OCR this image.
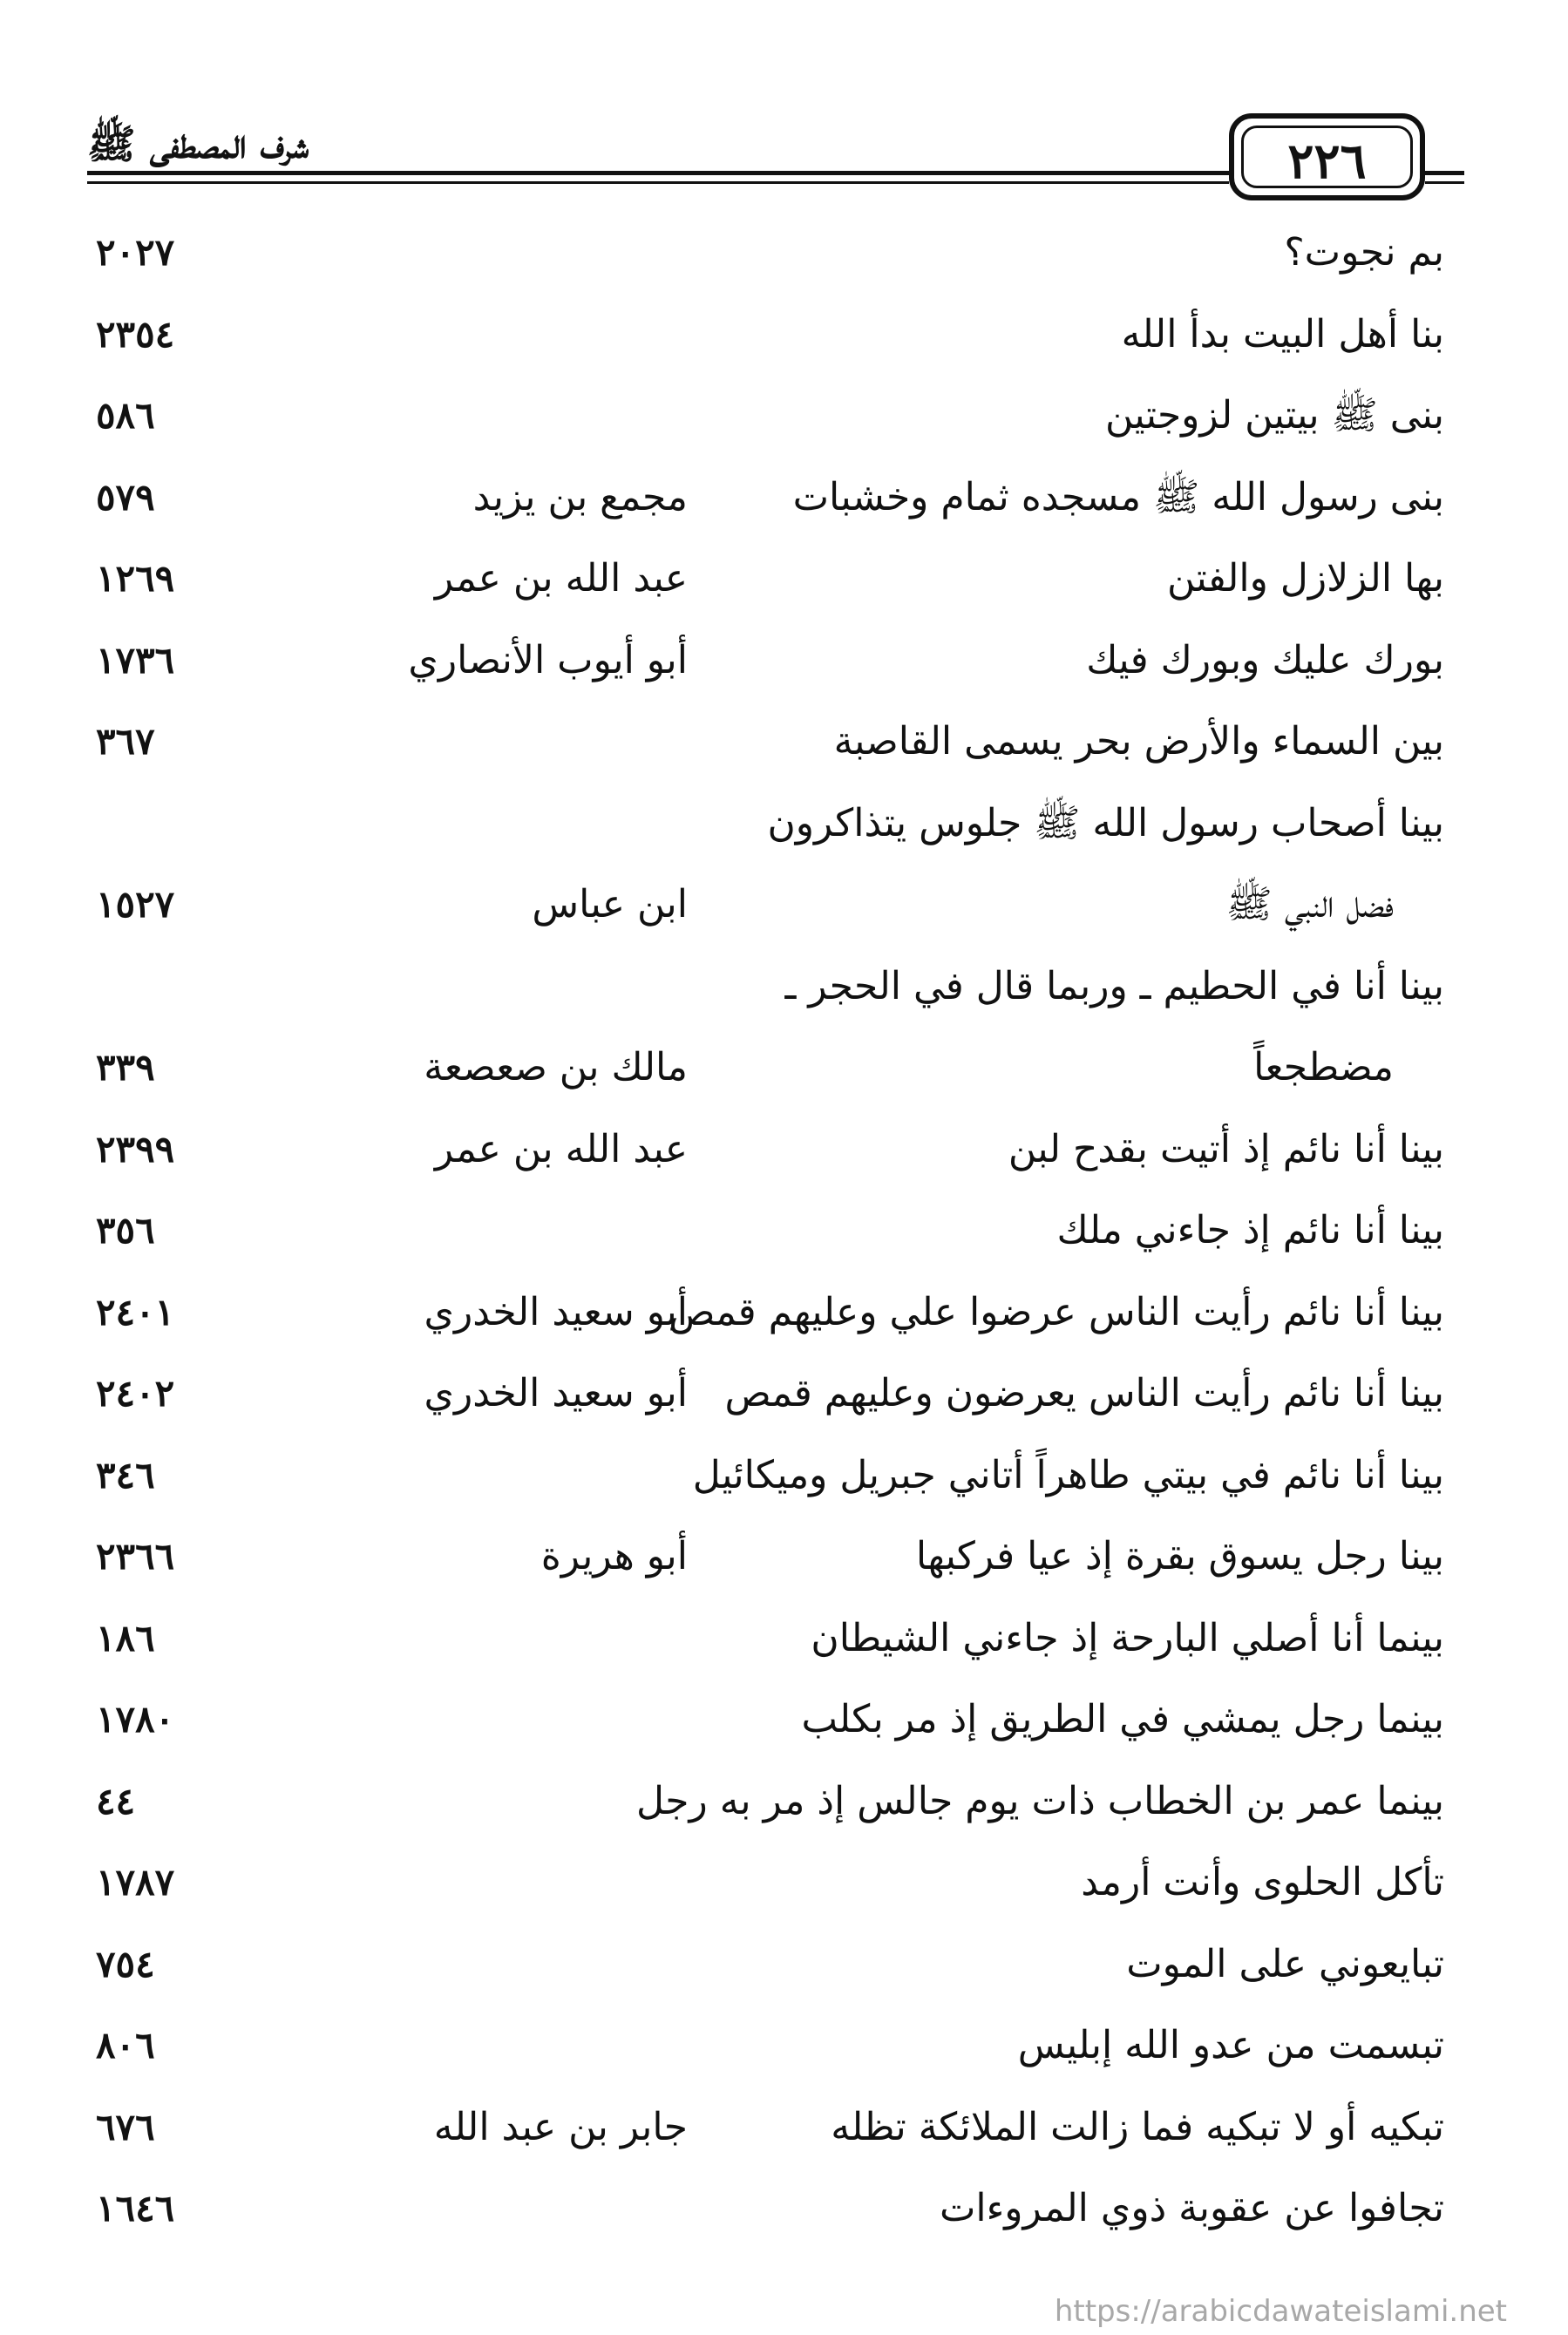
شرف المصطفى ﷺ	٢٢٦
بم نجوت؟
٢٠٢٧
بنا أهل البيت بدأ الله
٢٣٥٤
بنى ﷺ بيتين لزوجتين
٥٨٦
بنى رسول الله ﷺ مسجده ثمام وخشبات
مجمع بن يزيد
٥٧٩
بها الزلازل والفتن
عبد الله بن عمر
١٢٦٩
بورك عليك وبورك فيك
أبو أيوب الأنصاري
١٧٣٦
بين السماء والأرض بحر يسمى القاصبة
٣٦٧
بينا أصحاب رسول الله ﷺ جلوس يتذاكرون
فضل النبي ﷺ
ابن عباس
١٥٢٧
بينا أنا في الحطيم ـ وربما قال في الحجر ـ
مضطجعاً
مالك بن صعصعة
٣٣٩
بينا أنا نائم إذ أتيت بقدح لبن
عبد الله بن عمر
٢٣٩٩
بينا أنا نائم إذ جاءني ملك
٣٥٦
بينا أنا نائم رأيت الناس عرضوا علي وعليهم قمص
أبو سعيد الخدري
٢٤٠١
بينا أنا نائم رأيت الناس يعرضون وعليهم قمص
أبو سعيد الخدري
٢٤٠٢
بينا أنا نائم في بيتي طاهراً أتاني جبريل وميكائيل
٣٤٦
بينا رجل يسوق بقرة إذ عيا فركبها
أبو هريرة
٢٣٦٦
بينما أنا أصلي البارحة إذ جاءني الشيطان
١٨٦
بينما رجل يمشي في الطريق إذ مر بكلب
١٧٨٠
بينما عمر بن الخطاب ذات يوم جالس إذ مر به رجل
٤٤
تأكل الحلوى وأنت أرمد
١٧٨٧
تبايعوني على الموت
٧٥٤
تبسمت من عدو الله إبليس
٨٠٦
تبكيه أو لا تبكيه فما زالت الملائكة تظله
جابر بن عبد الله
٦٧٦
تجافوا عن عقوبة ذوي المروءات
١٦٤٦
https://arabicdawateislami.net
